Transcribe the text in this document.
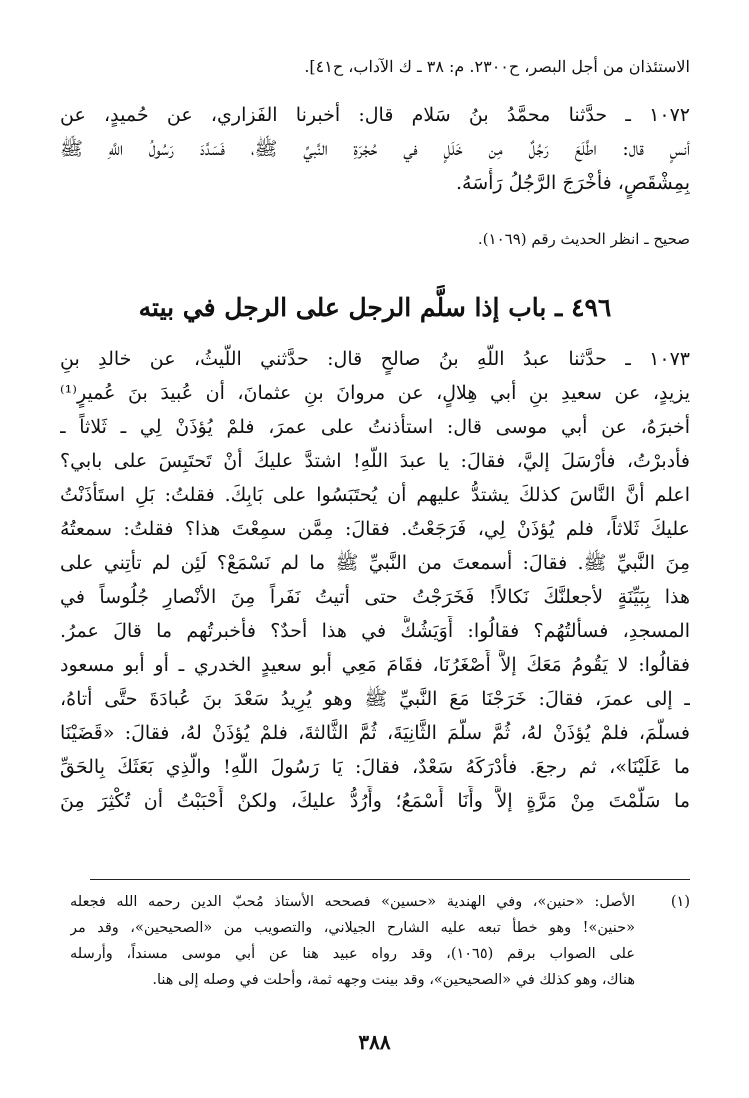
الاستئذان من أجل البصر، ح٢٣٠٠. م: ٣٨ ـ ك الآداب، ح٤١].
١٠٧٢ ـ حدَّثنا محمَّدُ بنُ سَلام قال: أخبرنا الفَزاري، عن حُميدٍ، عن
أنسٍ قال: اطَّلَعَ رَجُلٌ مِن خَلَلٍ في حُجْرَةِ النَّبيِّ ﷺ، فَسَدَّدَ رَسُولُ اللَّهِ ﷺ
بِمِشْقَصٍ، فأَخْرَجَ الرَّجُلُ رَأْسَهُ.
صحيح ـ انظر الحديث رقم (١٠٦٩).
٤٩٦ ـ باب إذا سلَّم الرجل على الرجل في بيته
١٠٧٣ ـ حدَّثنا عبدُ اللَّهِ بنُ صالحٍ قال: حدَّثني اللَّيثُ، عن خالدِ بنِ
يزيدٍ، عن سعيدِ بنِ أبي هِلالٍ، عن مروانَ بنِ عثمانَ، أن عُبيدَ بنَ عُميرٍ⁽¹⁾
أخبرَهُ، عن أبي موسى قال: استأذنتُ على عمرَ، فلمْ يُؤذَنْ لِي ـ ثَلاثاً ـ
فأدبرْتُ، فأرْسَلَ إليَّ، فقالَ: يا عبدَ اللَّهِ! اشتدَّ عليكَ أنْ تَحتَبِسَ على بابي؟
اعلم أنَّ النَّاسَ كذلكَ يشتدُّ عليهم أن يُحتَبَسُوا على بَابِكَ. فقلتُ: بَلِ استَأْذَنْتُ
عليكَ ثَلاثاً، فلم يُؤذَنْ لِي، فَرَجَعْتُ. فقالَ: مِمَّن سمِعْتَ هذا؟ فقلتُ: سمعتُهُ
مِنَ النَّبيِّ ﷺ. فقالَ: أسمعتَ من النَّبيِّ ﷺ ما لم نَسْمَعْ؟ لَئِن لم تأْتِني على
هذا بِبَيِّنَةٍ لأجعلنَّكَ نَكالاً! فَخَرَجْتُ حتى أتيتُ نَفَراً مِنَ الأنْصارِ جُلُوساً في
المسجدِ، فسألتُهُم؟ فقالُوا: أَوَيَشُكُّ في هذا أحدٌ؟ فأخبرتُهم ما قالَ عمرُ.
فقالُوا: لا يَقُومُ مَعَكَ إلاَّ أَصْغَرُنَا، فقَامَ مَعِي أبو سعيدٍ الخدري ـ أو أبو مسعود
ـ إلى عمرَ، فقالَ: خَرَجْنَا مَعَ النَّبيِّ ﷺ وهو يُرِيدُ سَعْدَ بنَ عُبادَةَ حتَّى أتاهُ،
فسلَّمَ، فلمْ يُؤذَنْ لهُ، ثُمَّ سلَّمَ الثَّانِيَةَ، ثُمَّ الثَّالثةَ، فلمْ يُؤذَنْ لهُ، فقالَ: «قَضَيْنَا
ما عَلَيْنَا»، ثم رجعَ. فأدْرَكَهُ سَعْدٌ، فقالَ: يَا رَسُولَ اللَّهِ! والَّذِي بَعَثَكَ بِالحَقِّ
ما سَلَّمْتَ مِنْ مَرَّةٍ إلاَّ وأَنَا أَسْمَعُ؛ وأَرُدُّ عليكَ، ولكنْ أَحْبَبْتُ أن تُكْثِرَ مِنَ
(١)
الأصل: «حنين»، وفي الهندية «حسين» فصححه الأستاذ مُحبّ الدين رحمه الله فجعله
«حنين»! وهو خطأ تبعه عليه الشارح الجيلاني، والتصويب من «الصحيحين»، وقد مر
على الصواب برقم (١٠٦٥)، وقد رواه عبيد هنا عن أبي موسى مسنداً، وأرسله
هناك، وهو كذلك في «الصحيحين»، وقد بينت وجهه ثمة، وأحلت في وصله إلى هنا.
٣٨٨
